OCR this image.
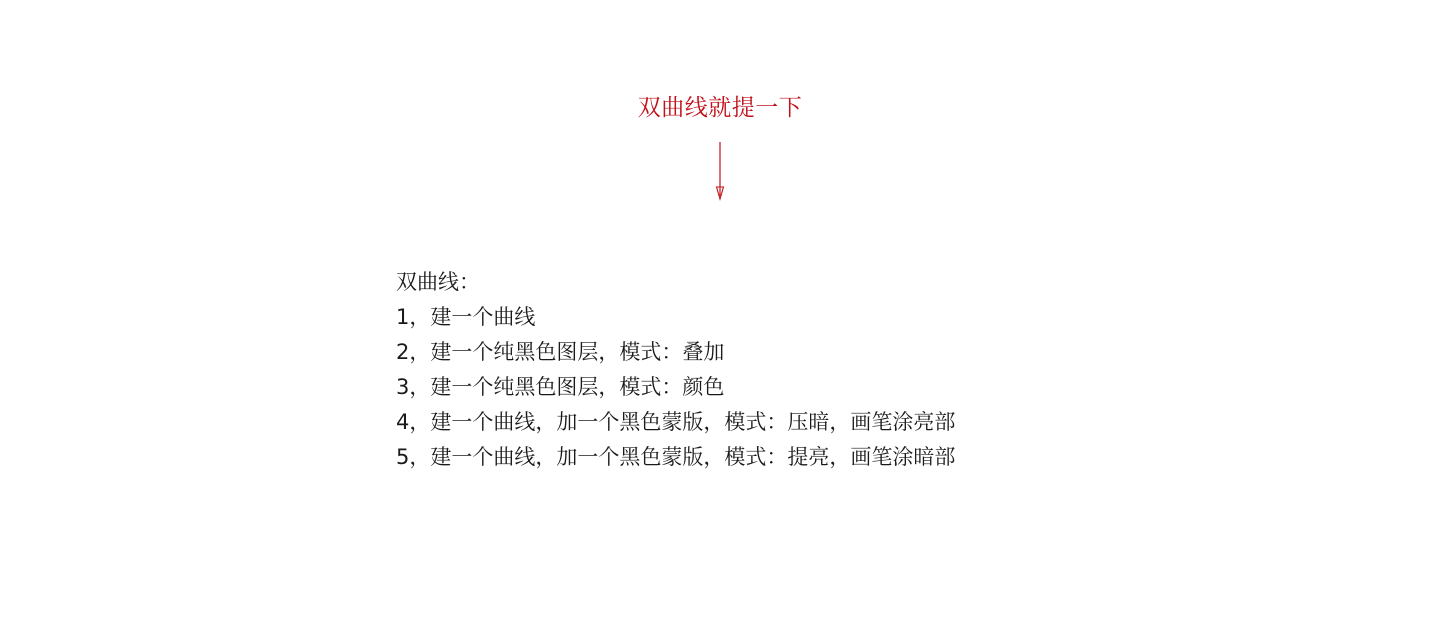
双曲线就提一下
双曲线：
1，建一个曲线
2，建一个纯黑色图层，模式：叠加
3，建一个纯黑色图层，模式：颜色
4，建一个曲线，加一个黑色蒙版，模式：压暗，画笔涂亮部
5，建一个曲线，加一个黑色蒙版，模式：提亮，画笔涂暗部
